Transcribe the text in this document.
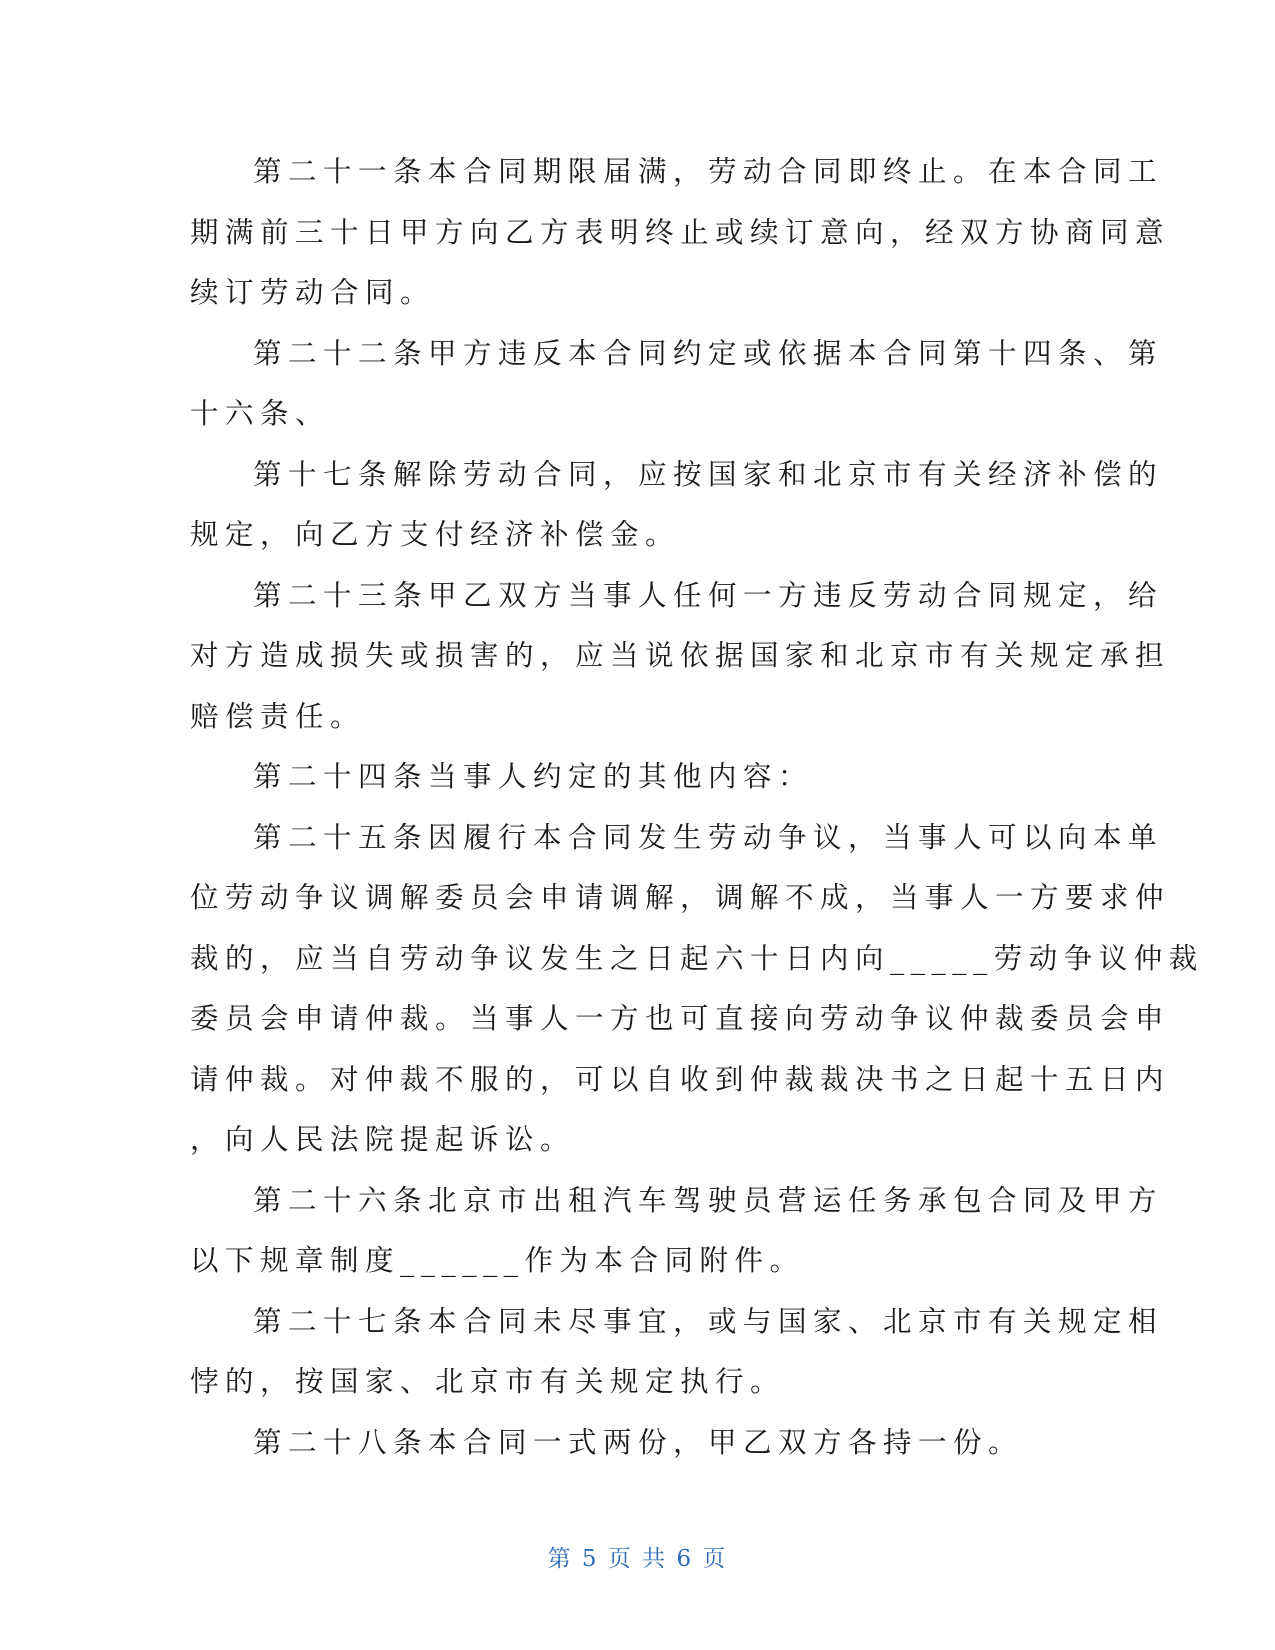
第二十一条本合同期限届满，劳动合同即终止。在本合同工
期满前三十日甲方向乙方表明终止或续订意向，经双方协商同意
续订劳动合同。
第二十二条甲方违反本合同约定或依据本合同第十四条、第
十六条、
第十七条解除劳动合同，应按国家和北京市有关经济补偿的
规定，向乙方支付经济补偿金。
第二十三条甲乙双方当事人任何一方违反劳动合同规定，给
对方造成损失或损害的，应当说依据国家和北京市有关规定承担
赔偿责任。
第二十四条当事人约定的其他内容：
第二十五条因履行本合同发生劳动争议，当事人可以向本单
位劳动争议调解委员会申请调解，调解不成，当事人一方要求仲
裁的，应当自劳动争议发生之日起六十日内向_____劳动争议仲裁
委员会申请仲裁。当事人一方也可直接向劳动争议仲裁委员会申
请仲裁。对仲裁不服的，可以自收到仲裁裁决书之日起十五日内
，向人民法院提起诉讼。
第二十六条北京市出租汽车驾驶员营运任务承包合同及甲方
以下规章制度______作为本合同附件。
第二十七条本合同未尽事宜，或与国家、北京市有关规定相
悖的，按国家、北京市有关规定执行。
第二十八条本合同一式两份，甲乙双方各持一份。
第 5 页 共 6 页
